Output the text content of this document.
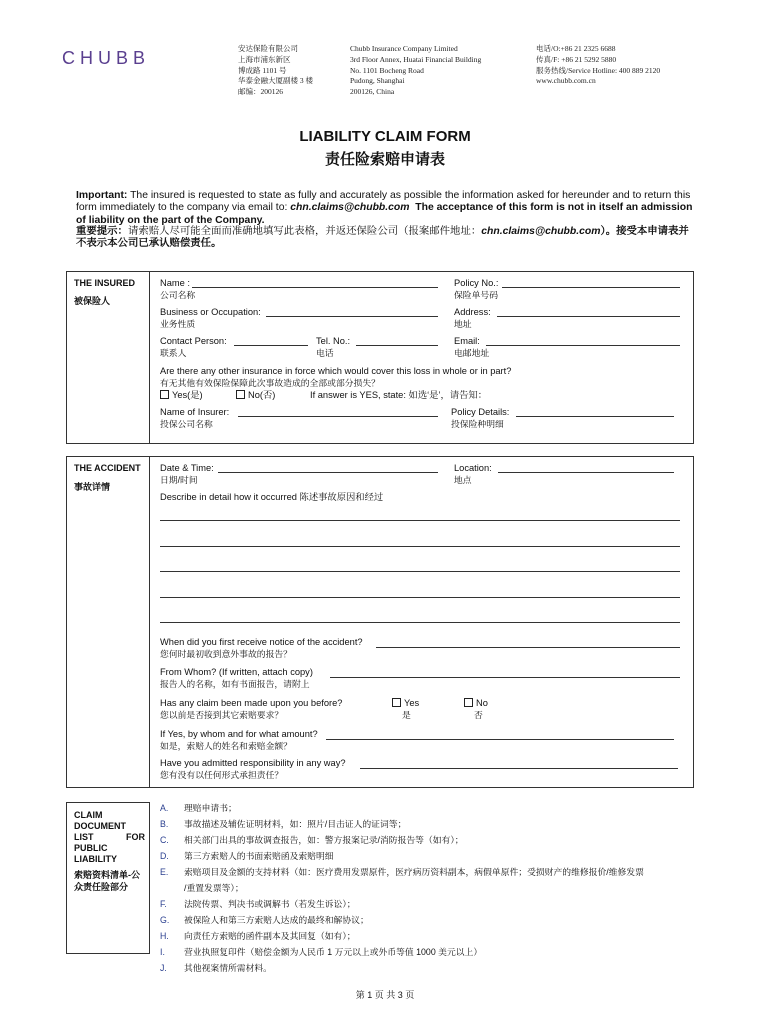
CHUBB	安达保险有限公司
上海市浦东新区
博成路 1101 号
华泰金融大厦副楼 3 楼
邮编：200126
Chubb Insurance Company Limited
3rd Floor Annex, Huatai Financial Building
No. 1101 Bocheng Road
Pudong, Shanghai
200126, China
电话/O:+86 21 2325 6688
传真/F: +86 21 5292 5880
服务热线/Service Hotline: 400 889 2120
www.chubb.com.cn
LIABILITY CLAIM FORM
责任险索赔申请表
Important: The insured is requested to state as fully and accurately as possible the information asked for hereunder and to return this form immediately to the company via email to: chn.claims@chubb.com The acceptance of this form is not in itself an admission of liability on the part of the Company.
重要提示：请索赔人尽可能全面而准确地填写此表格，并返还保险公司（报案邮件地址：chn.claims@chubb.com）。接受本申请表并不表示本公司已承认赔偿责任。
THE INSURED
被保险人
Name :
公司名称
Policy No.:
保险单号码
Business or Occupation:
业务性质
Address:
地址
Contact Person:
联系人
Tel. No.:
电话
Email:
电邮地址
Are there any other insurance in force which would cover this loss in whole or in part?
有无其他有效保险保障此次事故造成的全部或部分损失？
Yes(是)	No(否)	If answer is YES, state: 如选‘是’，请告知：
Name of Insurer:
投保公司名称
Policy Details:
投保险种明细
THE ACCIDENT
事故详情
Date & Time:
日期/时间
Location:
地点
Describe in detail how it occurred 陈述事故原因和经过
When did you first receive notice of the accident?
您何时最初收到意外事故的报告？
From Whom? (If written, attach copy)
报告人的名称，如有书面报告，请附上
Has any claim been made upon you before?
您以前是否接到其它索赔要求？
Yes
是
No
否
If Yes, by whom and for what amount?
如是，索赔人的姓名和索赔金额？
Have you admitted responsibility in any way?
您有没有以任何形式承担责任？
CLAIM
DOCUMENT
LIST	FOR
PUBLIC
LIABILITY
索赔资料清单-公
众责任险部分
A. 理赔申请书；
B. 事故描述及辅佐证明材料，如：照片/目击证人的证词等；
C. 相关部门出具的事故调查报告，如：警方报案记录/消防报告等（如有）；
D. 第三方索赔人的书面索赔函及索赔明细
E. 索赔项目及金额的支持材料（如：医疗费用发票原件，医疗病历资料副本，病假单原件；受损财产的维修报价/维修发票
/重置发票等）；
F. 法院传票、判决书或调解书（若发生诉讼）；
G. 被保险人和第三方索赔人达成的最终和解协议；
H. 向责任方索赔的函件副本及其回复（如有）；
I. 营业执照复印件（赔偿金额为人民币 1 万元以上或外币等值 1000 美元以上）
J. 其他视案情所需材料。
第 1 页 共 3 页
